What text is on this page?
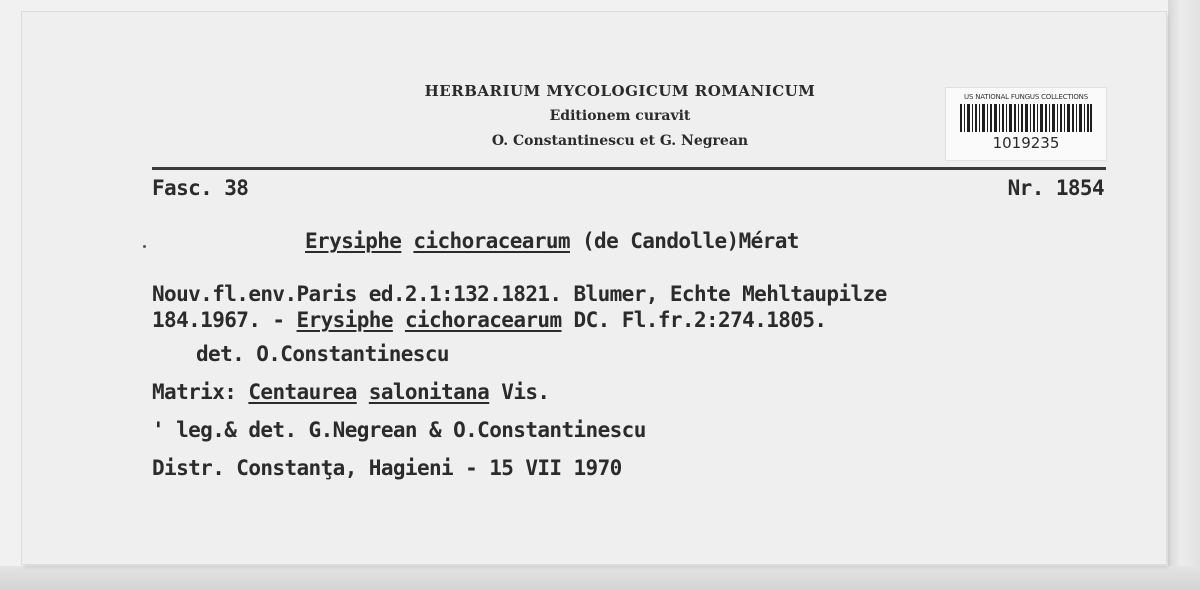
HERBARIUM MYCOLOGICUM ROMANICUM
Editionem curavit
O. Constantinescu et G. Negrean
US NATIONAL FUNGUS COLLECTIONS
1019235
Fasc. 38	Nr. 1854
Erysiphe cichoracearum (de Candolle)Mérat
Nouv.fl.env.Paris ed.2.1:132.1821. Blumer, Echte Mehltaupilze
184.1967. - Erysiphe cichoracearum DC. Fl.fr.2:274.1805.
det. O.Constantinescu
Matrix: Centaurea salonitana Vis.
' leg.& det. G.Negrean & O.Constantinescu
Distr. Constanţa, Hagieni - 15 VII 1970
